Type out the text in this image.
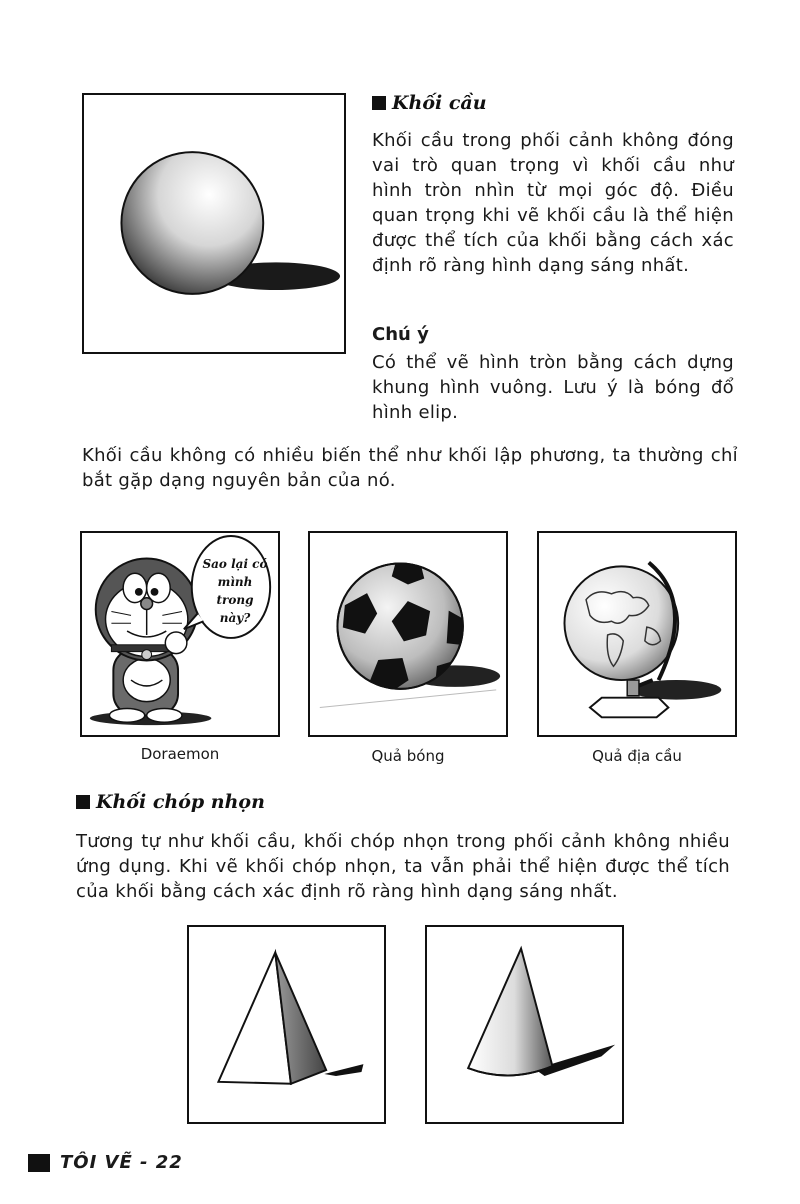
Khối cầu
Khối cầu trong phối cảnh không đóng vai trò quan trọng vì khối cầu như hình tròn nhìn từ mọi góc độ. Điều quan trọng khi vẽ khối cầu là thể hiện được thể tích của khối bằng cách xác định rõ ràng hình dạng sáng nhất.
Chú ý
Có thể vẽ hình tròn bằng cách dựng khung hình vuông. Lưu ý là bóng đổ hình elip.
Khối cầu không có nhiều biến thể như khối lập phương, ta thường chỉ bắt gặp dạng nguyên bản của nó.
Sao lại có mình trong này?
Doraemon	Quả bóng	Quả địa cầu
Khối chóp nhọn
Tương tự như khối cầu, khối chóp nhọn trong phối cảnh không nhiều ứng dụng. Khi vẽ khối chóp nhọn, ta vẫn phải thể hiện được thể tích của khối bằng cách xác định rõ ràng hình dạng sáng nhất.
TÔI VẼ - 22
